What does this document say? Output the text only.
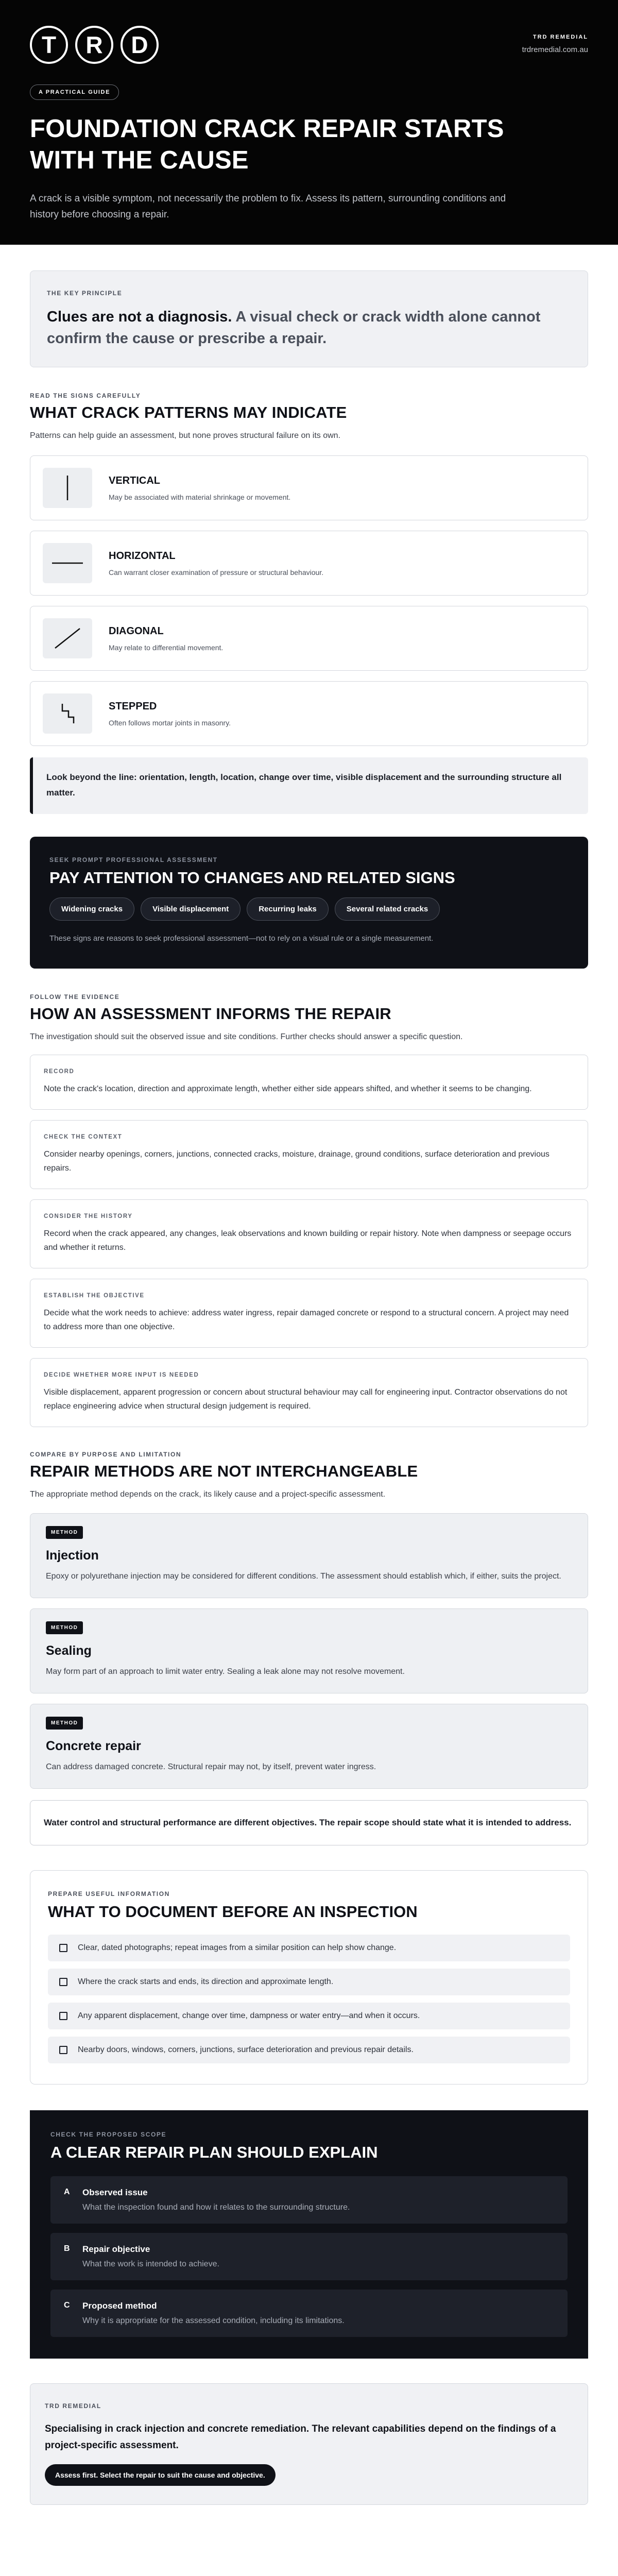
T	R	D	TRD REMEDIAL
trdremedial.com.au
A PRACTICAL GUIDE
FOUNDATION CRACK REPAIR STARTS WITH THE CAUSE

A crack is a visible symptom, not necessarily the problem to fix. Assess its pattern, surrounding conditions and history before choosing a repair.

THE KEY PRINCIPLE

Clues are not a diagnosis. A visual check or crack width alone cannot confirm the cause or prescribe a repair.

READ THE SIGNS CAREFULLY
WHAT CRACK PATTERNS MAY INDICATE

Patterns can help guide an assessment, but none proves structural failure on its own.

VERTICAL
May be associated with material shrinkage or movement.
HORIZONTAL
Can warrant closer examination of pressure or structural behaviour.
DIAGONAL
May relate to differential movement.
STEPPED
Often follows mortar joints in masonry.
Look beyond the line: orientation, length, location, change over time, visible displacement and the surrounding structure all matter.
SEEK PROMPT PROFESSIONAL ASSESSMENT
PAY ATTENTION TO CHANGES AND RELATED SIGNS
Widening cracks	Visible displacement	Recurring leaks	Several related cracks

These signs are reasons to seek professional assessment—not to rely on a visual rule or a single measurement.

FOLLOW THE EVIDENCE
HOW AN ASSESSMENT INFORMS THE REPAIR

The investigation should suit the observed issue and site conditions. Further checks should answer a specific question.

RECORD

Note the crack's location, direction and approximate length, whether either side appears shifted, and whether it seems to be changing.

CHECK THE CONTEXT

Consider nearby openings, corners, junctions, connected cracks, moisture, drainage, ground conditions, surface deterioration and previous repairs.

CONSIDER THE HISTORY

Record when the crack appeared, any changes, leak observations and known building or repair history. Note when dampness or seepage occurs and whether it returns.

ESTABLISH THE OBJECTIVE

Decide what the work needs to achieve: address water ingress, repair damaged concrete or respond to a structural concern. A project may need to address more than one objective.

DECIDE WHETHER MORE INPUT IS NEEDED

Visible displacement, apparent progression or concern about structural behaviour may call for engineering input. Contractor observations do not replace engineering advice when structural design judgement is required.

COMPARE BY PURPOSE AND LIMITATION
REPAIR METHODS ARE NOT INTERCHANGEABLE

The appropriate method depends on the crack, its likely cause and a project-specific assessment.

METHOD
Injection

Epoxy or polyurethane injection may be considered for different conditions. The assessment should establish which, if either, suits the project.

METHOD
Sealing

May form part of an approach to limit water entry. Sealing a leak alone may not resolve movement.

METHOD
Concrete repair

Can address damaged concrete. Structural repair may not, by itself, prevent water ingress.

Water control and structural performance are different objectives. The repair scope should state what it is intended to address.
PREPARE USEFUL INFORMATION
WHAT TO DOCUMENT BEFORE AN INSPECTION
Clear, dated photographs; repeat images from a similar position can help show change.
Where the crack starts and ends, its direction and approximate length.
Any apparent displacement, change over time, dampness or water entry—and when it occurs.
Nearby doors, windows, corners, junctions, surface deterioration and previous repair details.
CHECK THE PROPOSED SCOPE
A CLEAR REPAIR PLAN SHOULD EXPLAIN
A	Observed issue
What the inspection found and how it relates to the surrounding structure.
B	Repair objective
What the work is intended to achieve.
C	Proposed method
Why it is appropriate for the assessed condition, including its limitations.
TRD REMEDIAL

Specialising in crack injection and concrete remediation. The relevant capabilities depend on the findings of a project-specific assessment.

Assess first. Select the repair to suit the cause and objective.
